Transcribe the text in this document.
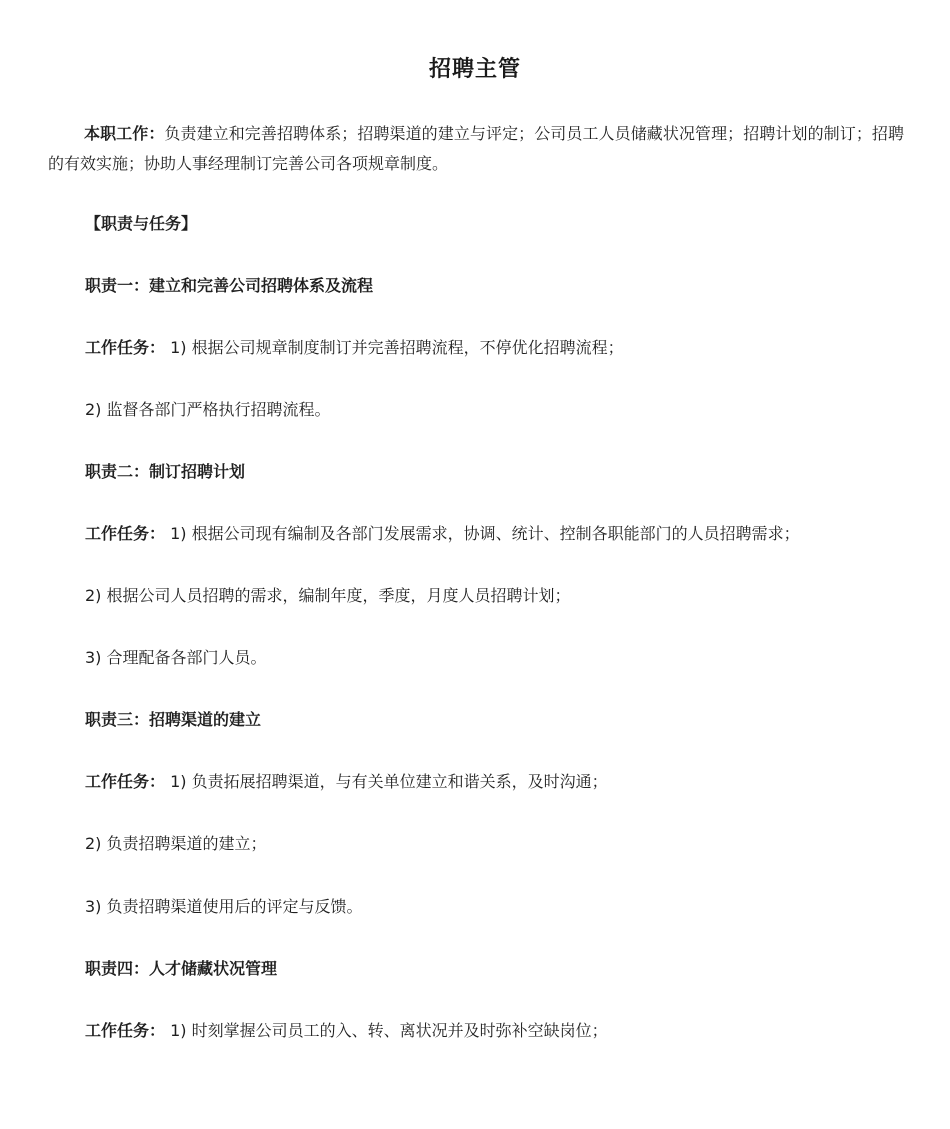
招聘主管

本职工作：负责建立和完善招聘体系；招聘渠道的建立与评定；公司员工人员储藏状况管理；招聘计划的制订；招聘的有效实施；协助人事经理制订完善公司各项规章制度。

【职责与任务】

职责一：建立和完善公司招聘体系及流程

工作任务： 1) 根据公司规章制度制订并完善招聘流程，不停优化招聘流程；

2) 监督各部门严格执行招聘流程。

职责二：制订招聘计划

工作任务： 1) 根据公司现有编制及各部门发展需求，协调、统计、控制各职能部门的人员招聘需求；

2) 根据公司人员招聘的需求，编制年度，季度，月度人员招聘计划；

3) 合理配备各部门人员。

职责三：招聘渠道的建立

工作任务： 1) 负责拓展招聘渠道，与有关单位建立和谐关系，及时沟通；

2) 负责招聘渠道的建立；

3) 负责招聘渠道使用后的评定与反馈。

职责四：人才储藏状况管理

工作任务： 1) 时刻掌握公司员工的入、转、离状况并及时弥补空缺岗位；
